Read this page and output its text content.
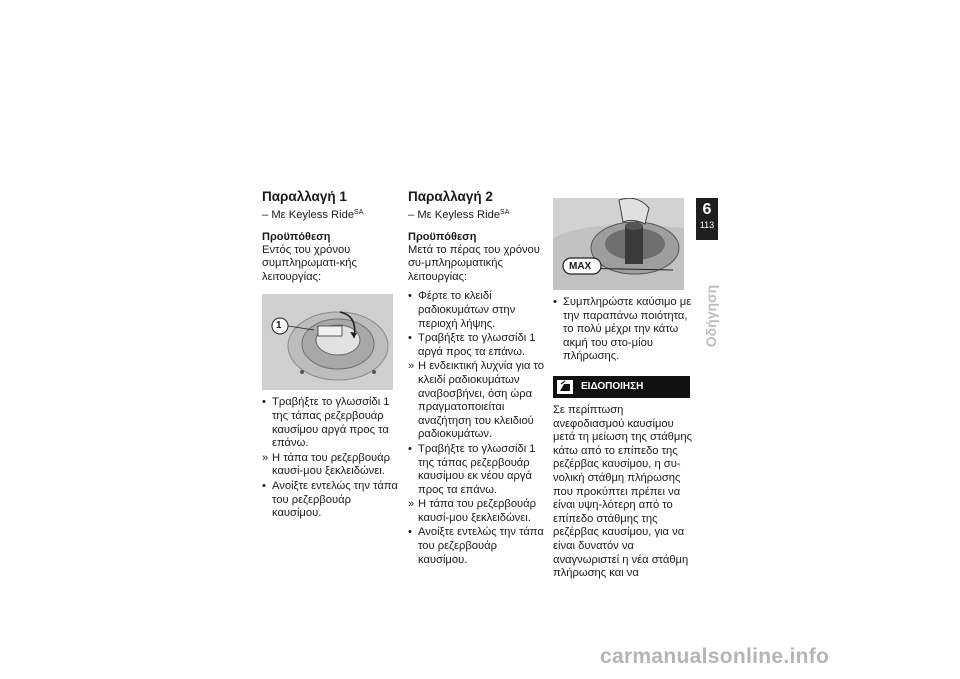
Παραλλαγή 1
– Με Keyless Ride$^{SA}$
Προϋπόθεση

Εντός του χρόνου συμπληρωματι-κής λειτουργίας:

1
• Τραβήξτε το γλωσσίδι 1 της τάπας ρεζερβουάρ καυσίμου αργά προς τα επάνω.
» Η τάπα του ρεζερβουάρ καυσί-μου ξεκλειδώνει.
• Ανοίξτε εντελώς την τάπα του ρεζερβουάρ καυσίμου.
Παραλλαγή 2
– Με Keyless Ride$^{SA}$
Προϋπόθεση

Μετά το πέρας του χρόνου συ-μπληρωματικής λειτουργίας:

• Φέρτε το κλειδί ραδιοκυμάτων στην περιοχή λήψης.
• Τραβήξτε το γλωσσίδι 1 αργά προς τα επάνω.
» Η ενδεικτική λυχνία για το κλειδί ραδιοκυμάτων αναβοσβήνει, όση ώρα πραγματοποιείται αναζήτηση του κλειδιού ραδιοκυμάτων.
• Τραβήξτε το γλωσσίδι 1 της τάπας ρεζερβουάρ καυσίμου εκ νέου αργά προς τα επάνω.
» Η τάπα του ρεζερβουάρ καυσί-μου ξεκλειδώνει.
• Ανοίξτε εντελώς την τάπα του ρεζερβουάρ καυσίμου.
MAX
• Συμπληρώστε καύσιμο με την παραπάνω ποιότητα, το πολύ μέχρι την κάτω ακμή του στο-μίου πλήρωσης.
ΕΙΔΟΠΟΙΗΣΗ

Σε περίπτωση ανεφοδιασμού καυσίμου μετά τη μείωση της στάθμης κάτω από το επίπεδο της ρεζέρβας καυσίμου, η συ-νολική στάθμη πλήρωσης που προκύπτει πρέπει να είναι υψη-λότερη από το επίπεδο στάθμης της ρεζέρβας καυσίμου, για να είναι δυνατόν να αναγνωριστεί η νέα στάθμη πλήρωσης και να

6
113
Οδήγηση
carmanualsonline.info
